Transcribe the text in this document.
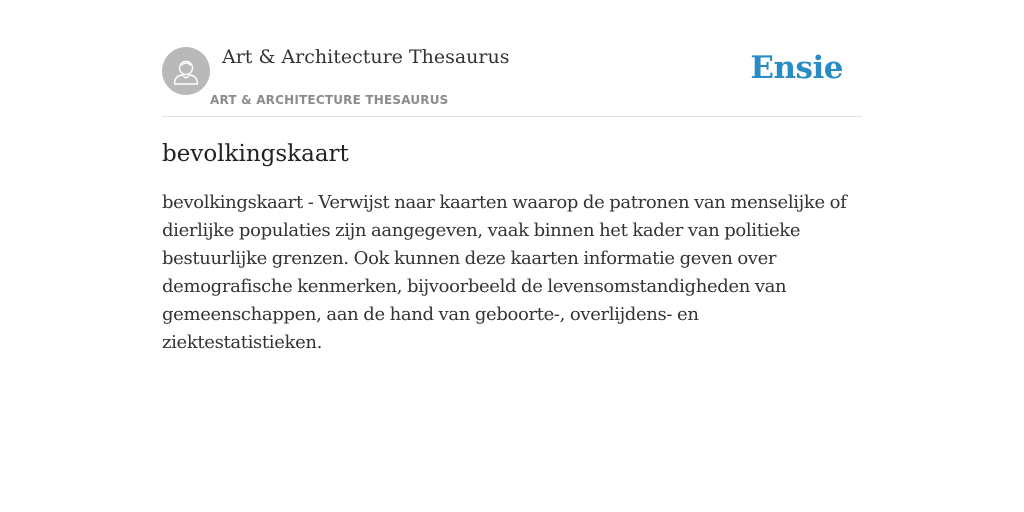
Art & Architecture Thesaurus
ART & ARCHITECTURE THESAURUS
Ensie
bevolkingskaart

bevolkingskaart - Verwijst naar kaarten waarop de patronen van menselijke of dierlijke populaties zijn aangegeven, vaak binnen het kader van politieke bestuurlijke grenzen. Ook kunnen deze kaarten informatie geven over demografische kenmerken, bijvoorbeeld de levensomstandigheden van gemeenschappen, aan de hand van geboorte-, overlijdens- en ziektestatistieken.
